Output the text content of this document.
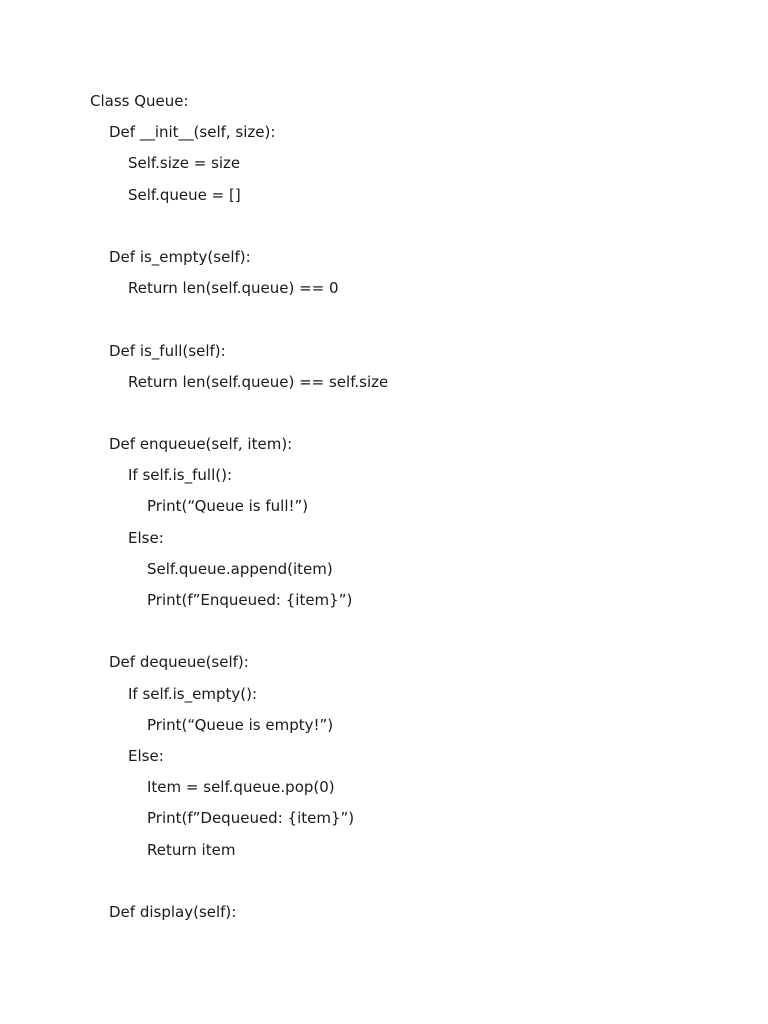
Class Queue:
Def __init__(self, size):
Self.size = size
Self.queue = []
Def is_empty(self):
Return len(self.queue) == 0
Def is_full(self):
Return len(self.queue) == self.size
Def enqueue(self, item):
If self.is_full():
Print(“Queue is full!”)
Else:
Self.queue.append(item)
Print(f”Enqueued: {item}”)
Def dequeue(self):
If self.is_empty():
Print(“Queue is empty!”)
Else:
Item = self.queue.pop(0)
Print(f”Dequeued: {item}”)
Return item
Def display(self):
